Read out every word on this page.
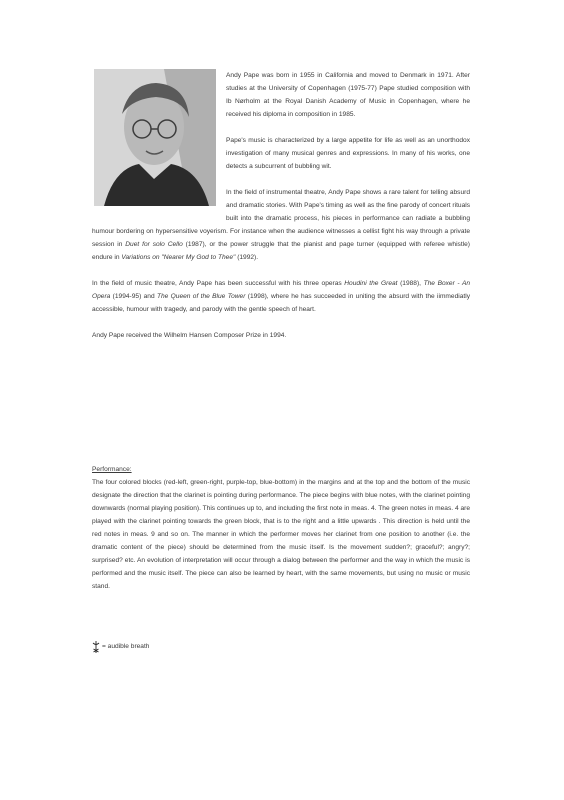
Andy Pape was born in 1955 in California and moved to Denmark in 1971. After studies at the University of Copenhagen (1975-77) Pape studied composition with Ib Nørholm at the Royal Danish Academy of Music in Copenhagen, where he received his diploma in composition in 1985.

Pape's music is characterized by a large appetite for life as well as an unorthodox investigation of many musical genres and expressions. In many of his works, one detects a subcurrent of bubbling wit.

In the field of instrumental theatre, Andy Pape shows a rare talent for telling absurd and dramatic stories. With Pape's timing as well as the fine parody of concert rituals built into the dramatic process, his pieces in performance can radiate a bubbling humour bordering on hypersensitive voyerism. For instance when the audience witnesses a cellist fight his way through a private session in Duet for solo Cello (1987), or the power struggle that the pianist and page turner (equipped with referee whistle) endure in Variations on "Nearer My God to Thee" (1992).

In the field of music theatre, Andy Pape has been successful with his three operas Houdini the Great (1988), The Boxer - An Opera (1994-95) and The Queen of the Blue Tower (1998), where he has succeeded in uniting the absurd with the iimmediatly accessible, humour with tragedy, and parody with the gentle speech of heart.

Andy Pape received the Wilhelm Hansen Composer Prize in 1994.

Performance:

The four colored blocks (red-left, green-right, purple-top, blue-bottom) in the margins and at the top and the bottom of the music designate the direction that the clarinet is pointing during performance. The piece begins with blue notes, with the clarinet pointing downwards (normal playing position). This continues up to, and including the first note in meas. 4. The green notes in meas. 4 are played with the clarinet pointing towards the green block, that is to the right and a little upwards . This direction is held until the red notes in meas. 9 and so on. The manner in which the performer moves her clarinet from one position to another (i.e. the dramatic content of the piece) should be determined from the music itself. Is the movement sudden?; graceful?; angry?; surprised? etc. An evolution of interpretation will occur through a dialog between the performer and the way in which the music is performed and the music itself. The piece can also be learned by heart, with the same movements, but using no music or music stand.

= audible breath
